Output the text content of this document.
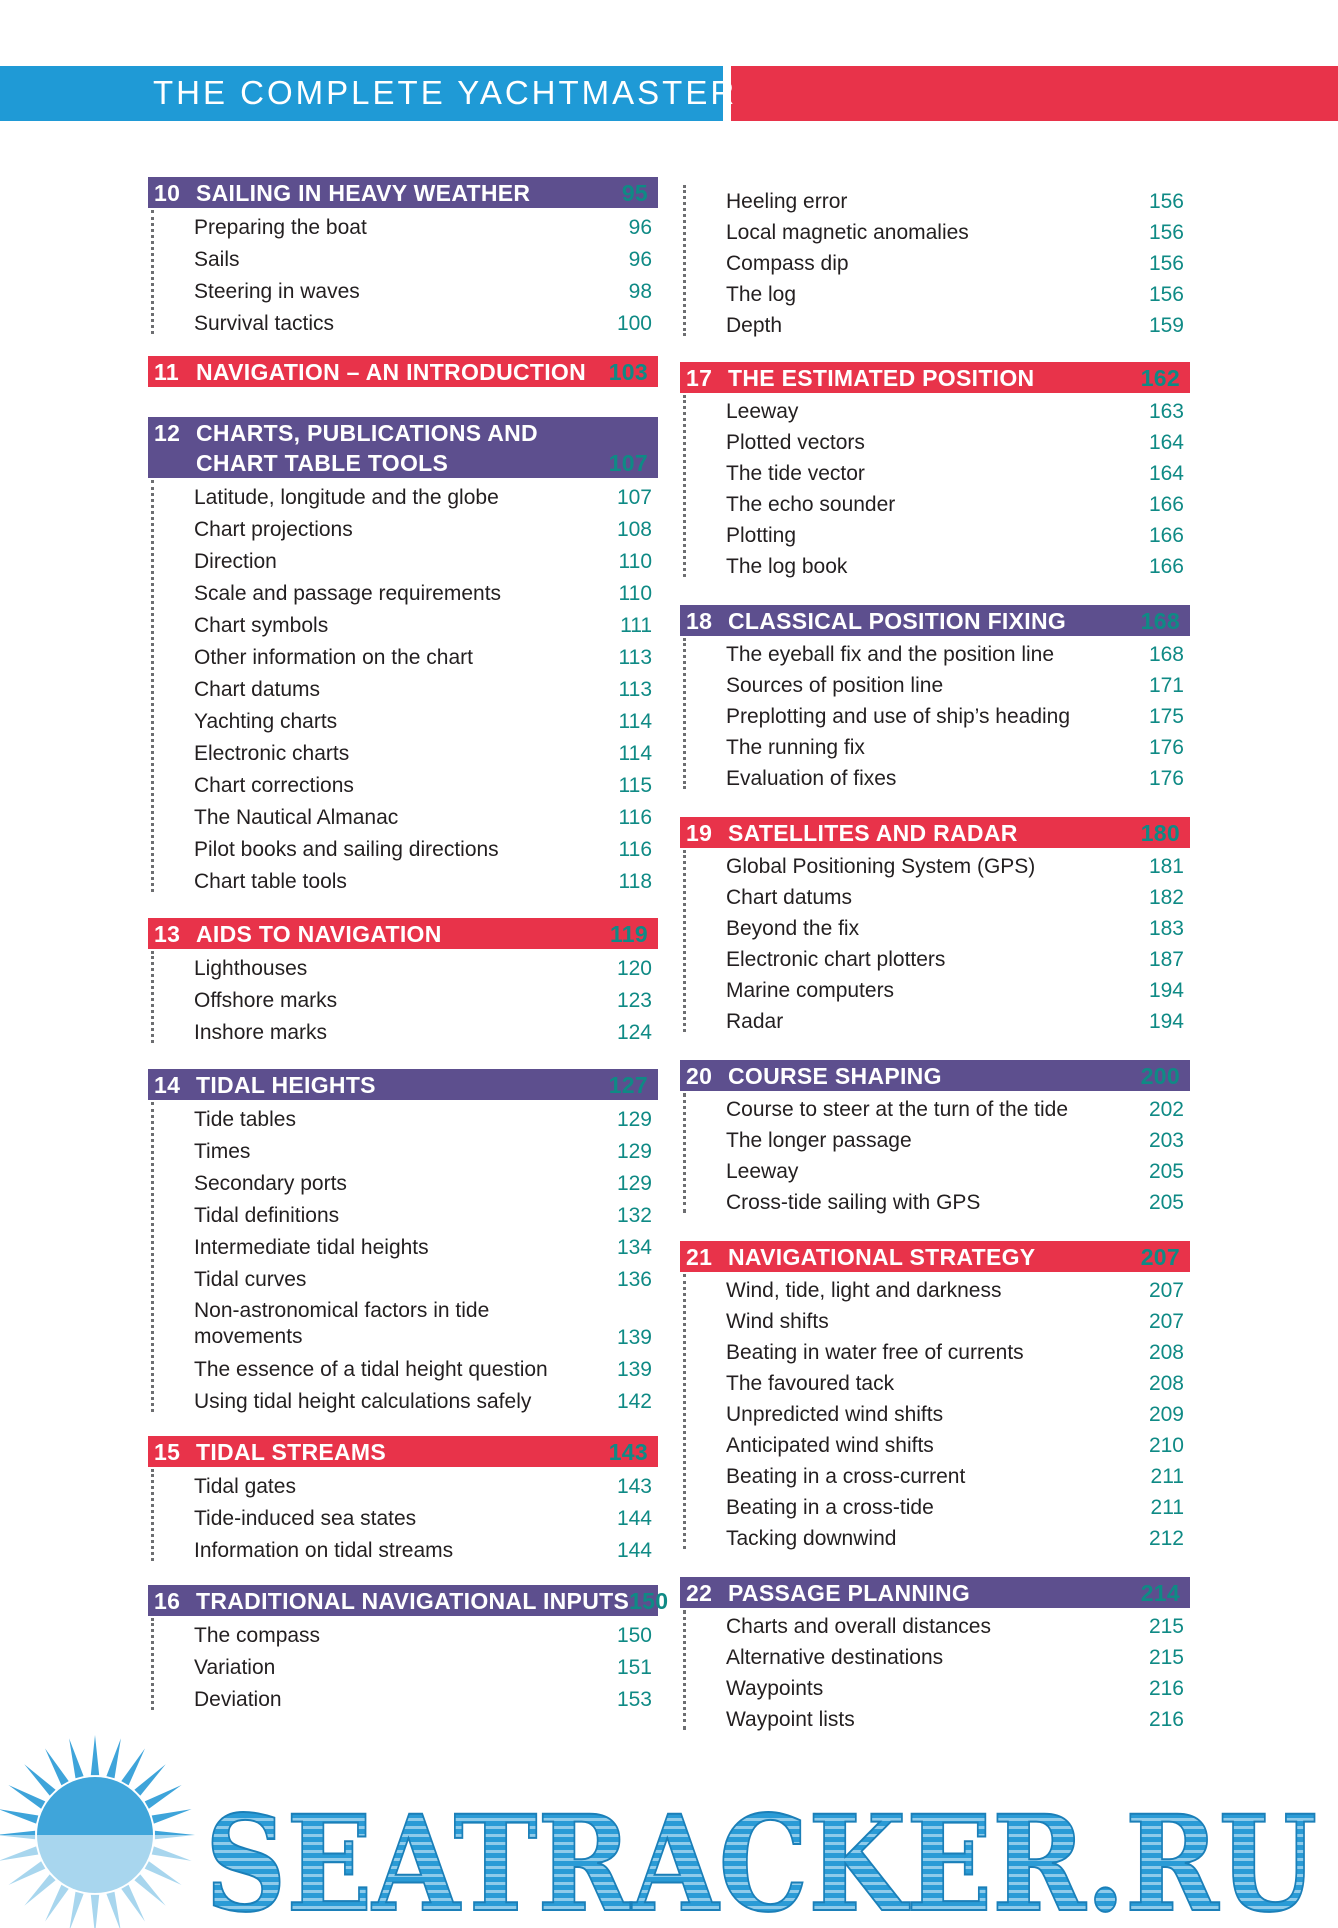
THE COMPLETE YACHTMASTER
10 SAILING IN HEAVY WEATHER	95
Preparing the boat	96
Sails	96
Steering in waves	98
Survival tactics	100
11 NAVIGATION – AN INTRODUCTION 103
12 CHARTS, PUBLICATIONS AND CHART TABLE TOOLS	107
Latitude, longitude and the globe	107
Chart projections	108
Direction	110
Scale and passage requirements	110
Chart symbols	111
Other information on the chart	113
Chart datums	113
Yachting charts	114
Electronic charts	114
Chart corrections	115
The Nautical Almanac	116
Pilot books and sailing directions	116
Chart table tools	118
13 AIDS TO NAVIGATION	119
Lighthouses	120
Offshore marks	123
Inshore marks	124
14 TIDAL HEIGHTS	127
Tide tables	129
Times	129
Secondary ports	129
Tidal definitions	132
Intermediate tidal heights	134
Tidal curves	136
Non-astronomical factors in tide movements	139
The essence of a tidal height question	139
Using tidal height calculations safely	142
15 TIDAL STREAMS	143
Tidal gates	143
Tide-induced sea states	144
Information on tidal streams	144
16 TRADITIONAL NAVIGATIONAL INPUTS 150
The compass	150
Variation	151
Deviation	153
Heeling error	156
Local magnetic anomalies	156
Compass dip	156
The log	156
Depth	159
17 THE ESTIMATED POSITION	162
Leeway	163
Plotted vectors	164
The tide vector	164
The echo sounder	166
Plotting	166
The log book	166
18 CLASSICAL POSITION FIXING	168
The eyeball fix and the position line	168
Sources of position line	171
Preplotting and use of ship’s heading	175
The running fix	176
Evaluation of fixes	176
19 SATELLITES AND RADAR	180
Global Positioning System (GPS)	181
Chart datums	182
Beyond the fix	183
Electronic chart plotters	187
Marine computers	194
Radar	194
20 COURSE SHAPING	200
Course to steer at the turn of the tide	202
The longer passage	203
Leeway	205
Cross-tide sailing with GPS	205
21 NAVIGATIONAL STRATEGY	207
Wind, tide, light and darkness	207
Wind shifts	207
Beating in water free of currents	208
The favoured tack	208
Unpredicted wind shifts	209
Anticipated wind shifts	210
Beating in a cross-current	211
Beating in a cross-tide	211
Tacking downwind	212
22 PASSAGE PLANNING	214
Charts and overall distances	215
Alternative destinations	215
Waypoints	216
Waypoint lists	216
SEATRACKER.RU
